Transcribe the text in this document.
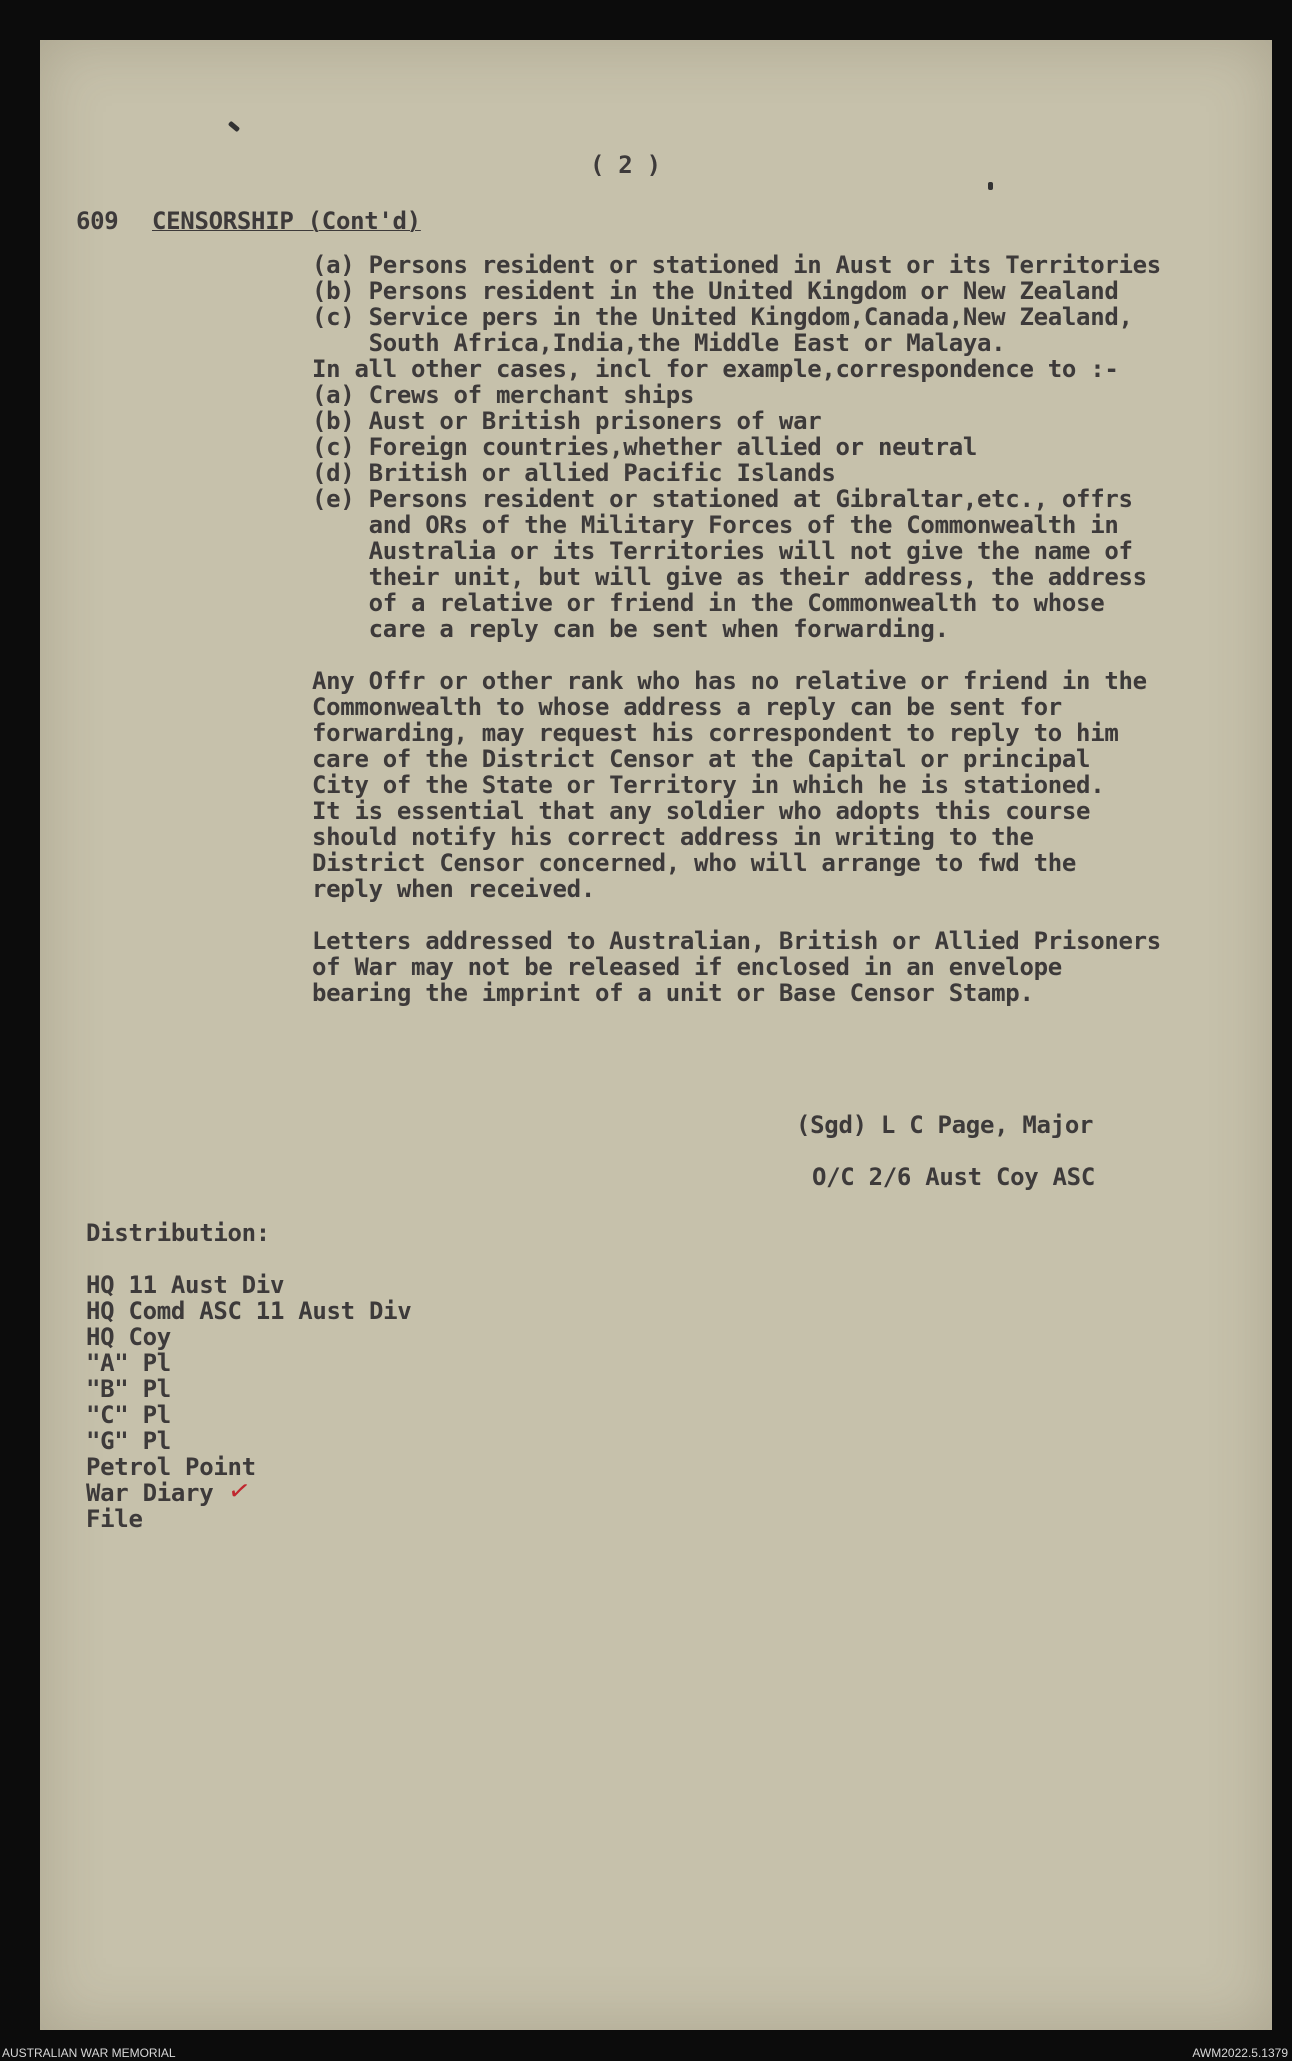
( 2 )
609 CENSORSHIP (Cont'd)
(a) Persons resident or stationed in Aust or its Territories
(b) Persons resident in the United Kingdom or New Zealand
(c) Service pers in the United Kingdom,Canada,New Zealand,
South Africa,India,the Middle East or Malaya.
In all other cases, incl for example,correspondence to :-
(a) Crews of merchant ships
(b) Aust or British prisoners of war
(c) Foreign countries,whether allied or neutral
(d) British or allied Pacific Islands
(e) Persons resident or stationed at Gibraltar,etc., offrs
and ORs of the Military Forces of the Commonwealth in
Australia or its Territories will not give the name of
their unit, but will give as their address, the address
of a relative or friend in the Commonwealth to whose
care a reply can be sent when forwarding.
Any Offr or other rank who has no relative or friend in the
Commonwealth to whose address a reply can be sent for
forwarding, may request his correspondent to reply to him
care of the District Censor at the Capital or principal
City of the State or Territory in which he is stationed.
It is essential that any soldier who adopts this course
should notify his correct address in writing to the
District Censor concerned, who will arrange to fwd the
reply when received.
Letters addressed to Australian, British or Allied Prisoners
of War may not be released if enclosed in an envelope
bearing the imprint of a unit or Base Censor Stamp.
(Sgd) L C Page, Major
O/C 2/6 Aust Coy ASC
Distribution:
HQ 11 Aust Div
HQ Comd ASC 11 Aust Div
HQ Coy
"A" Pl
"B" Pl
"C" Pl
"G" Pl
Petrol Point
War Diary
File
✓
AUSTRALIAN WAR MEMORIAL	AWM2022.5.1379
